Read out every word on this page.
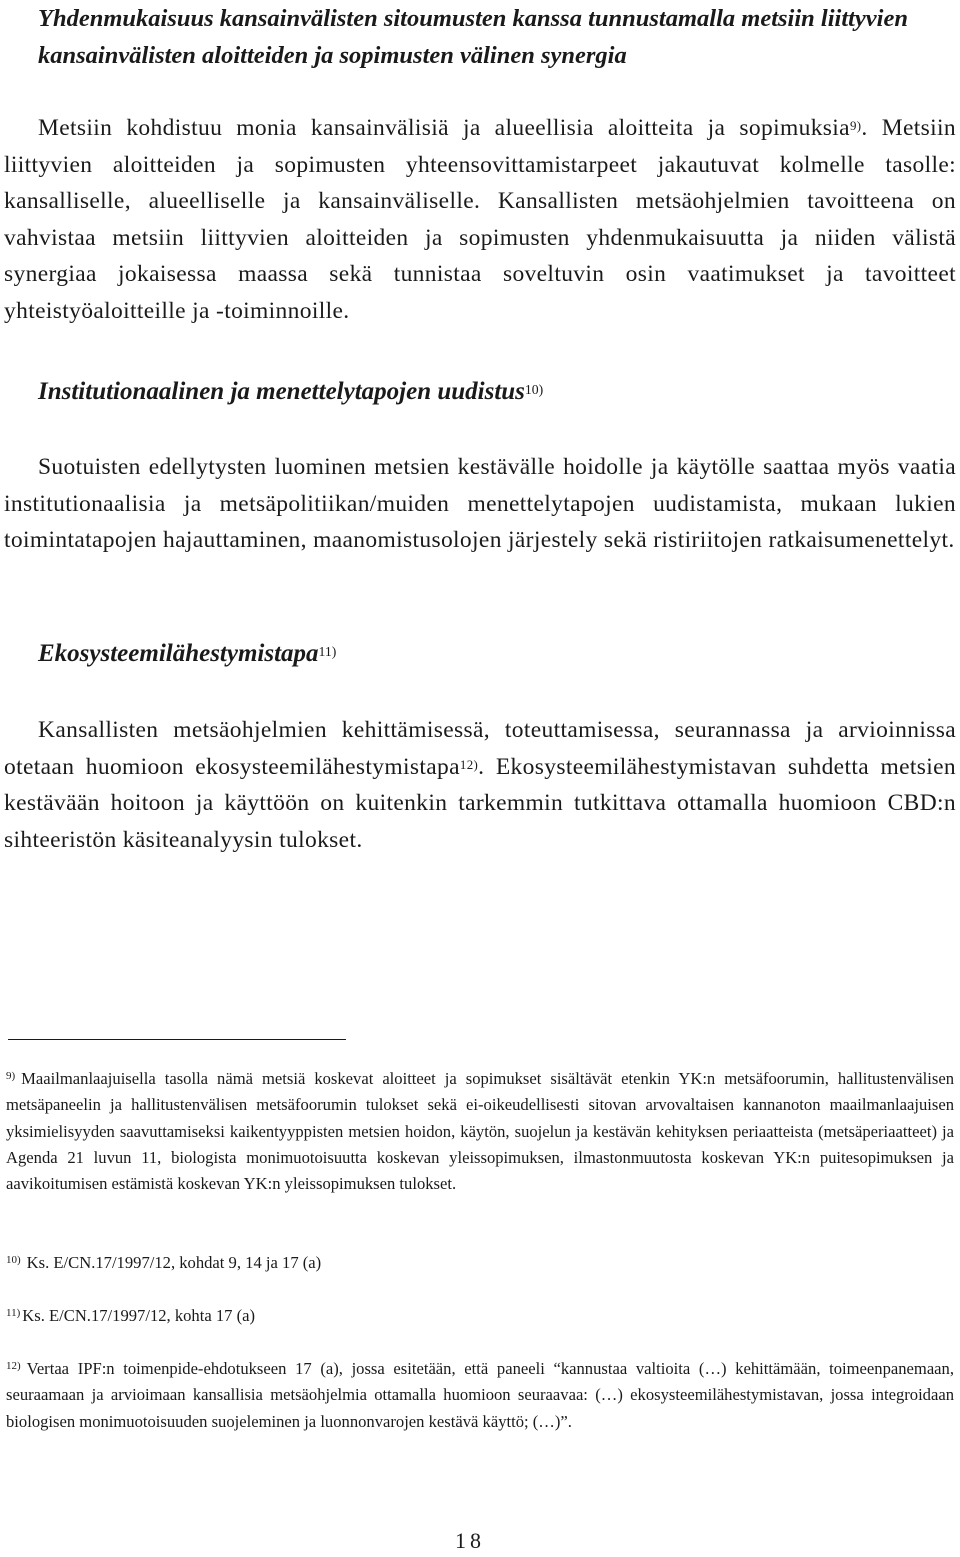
Yhdenmukaisuus kansainvälisten sitoumusten kanssa tunnustamalla metsiin liittyvien kansainvälisten aloitteiden ja sopimusten välinen synergia

Metsiin kohdistuu monia kansainvälisiä ja alueellisia aloitteita ja sopimuksia$^{9)}$. Metsiin liittyvien aloitteiden ja sopimusten yhteensovittamistarpeet jakautuvat kolmelle tasolle: kansalliselle, alueelliselle ja kansainväliselle. Kansallisten metsäohjelmien tavoitteena on vahvistaa metsiin liittyvien aloitteiden ja sopimusten yhdenmukaisuutta ja niiden välistä synergiaa jokaisessa maassa sekä tunnistaa soveltuvin osin vaatimukset ja tavoitteet yhteistyöaloitteille ja -toiminnoille.

Institutionaalinen ja menettelytapojen uudistus$^{10)}$

Suotuisten edellytysten luominen metsien kestävälle hoidolle ja käytölle saattaa myös vaatia institutionaalisia ja metsäpolitiikan/muiden menettelytapojen uudistamista, mukaan lukien toimintatapojen hajauttaminen, maanomistusolojen järjestely sekä ristiriitojen ratkaisumenettelyt.

Ekosysteemilähestymistapa$^{11)}$

Kansallisten metsäohjelmien kehittämisessä, toteuttamisessa, seurannassa ja arvioinnissa otetaan huomioon ekosysteemilähestymistapa$^{12)}$. Ekosysteemilähestymistavan suhdetta metsien kestävään hoitoon ja käyttöön on kuitenkin tarkemmin tutkittava ottamalla huomioon CBD:n sihteeristön käsiteanalyysin tulokset.

$^{9)}$ Maailmanlaajuisella tasolla nämä metsiä koskevat aloitteet ja sopimukset sisältävät etenkin YK:n metsäfoorumin, hallitustenvälisen metsäpaneelin ja hallitustenvälisen metsäfoorumin tulokset sekä ei-oikeudellisesti sitovan arvovaltaisen kannanoton maailmanlaajuisen yksimielisyyden saavuttamiseksi kaikentyyppisten metsien hoidon, käytön, suojelun ja kestävän kehityksen periaatteista (metsäperiaatteet) ja Agenda 21 luvun 11, biologista monimuotoisuutta koskevan yleissopimuksen, ilmastonmuutosta koskevan YK:n puitesopimuksen ja aavikoitumisen estämistä koskevan YK:n yleissopimuksen tulokset.

$^{10)}$ Ks. E/CN.17/1997/12, kohdat 9, 14 ja 17 (a)

$^{11)}$ Ks. E/CN.17/1997/12, kohta 17 (a)

$^{12)}$ Vertaa IPF:n toimenpide-ehdotukseen 17 (a), jossa esitetään, että paneeli “kannustaa valtioita (…) kehittämään, toimeenpanemaan, seuraamaan ja arvioimaan kansallisia metsäohjelmia ottamalla huomioon seuraavaa: (…) ekosysteemilähestymistavan, jossa integroidaan biologisen monimuotoisuuden suojeleminen ja luonnonvarojen kestävä käyttö; (…)”.

18
